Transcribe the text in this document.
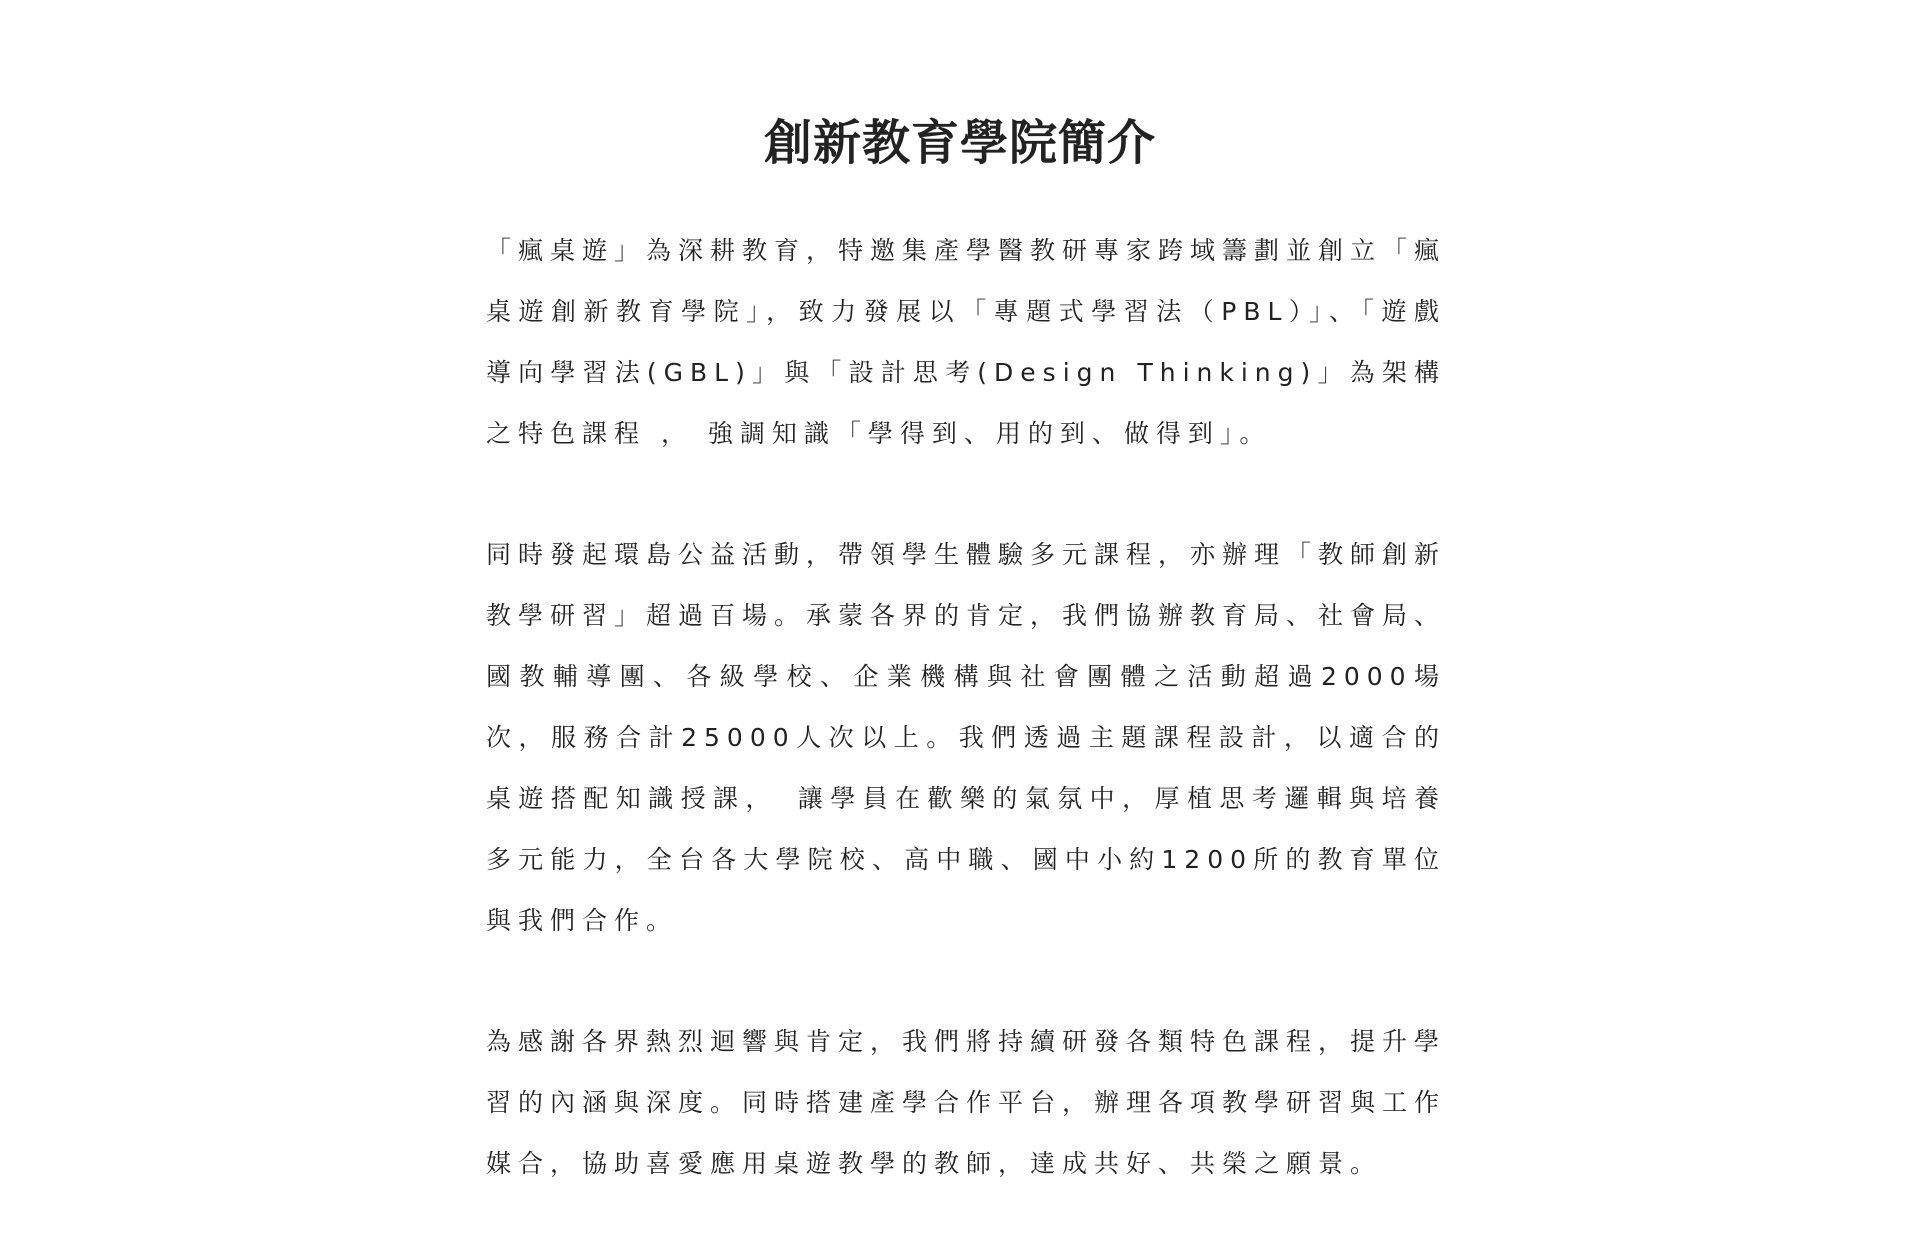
創新教育學院簡介

「瘋桌遊」為深耕教育，特邀集產學醫教研專家跨域籌劃並創立「瘋桌遊創新教育學院」，致力發展以「專題式學習法（PBL）」、「遊戲導向學習法(GBL)」與「設計思考(Design Thinking)」為架構之特色課程 ， 強調知識「學得到、用的到、做得到」。

同時發起環島公益活動，帶領學生體驗多元課程，亦辦理「教師創新教學研習」超過百場。承蒙各界的肯定，我們協辦教育局、社會局、國教輔導團、各級學校、企業機構與社會團體之活動超過2000場次，服務合計25000人次以上。我們透過主題課程設計，以適合的桌遊搭配知識授課，　讓學員在歡樂的氣氛中，厚植思考邏輯與培養多元能力，全台各大學院校、高中職、國中小約1200所的教育單位與我們合作。

為感謝各界熱烈迴響與肯定，我們將持續研發各類特色課程，提升學習的內涵與深度。同時搭建產學合作平台，辦理各項教學研習與工作媒合，協助喜愛應用桌遊教學的教師，達成共好、共榮之願景。
